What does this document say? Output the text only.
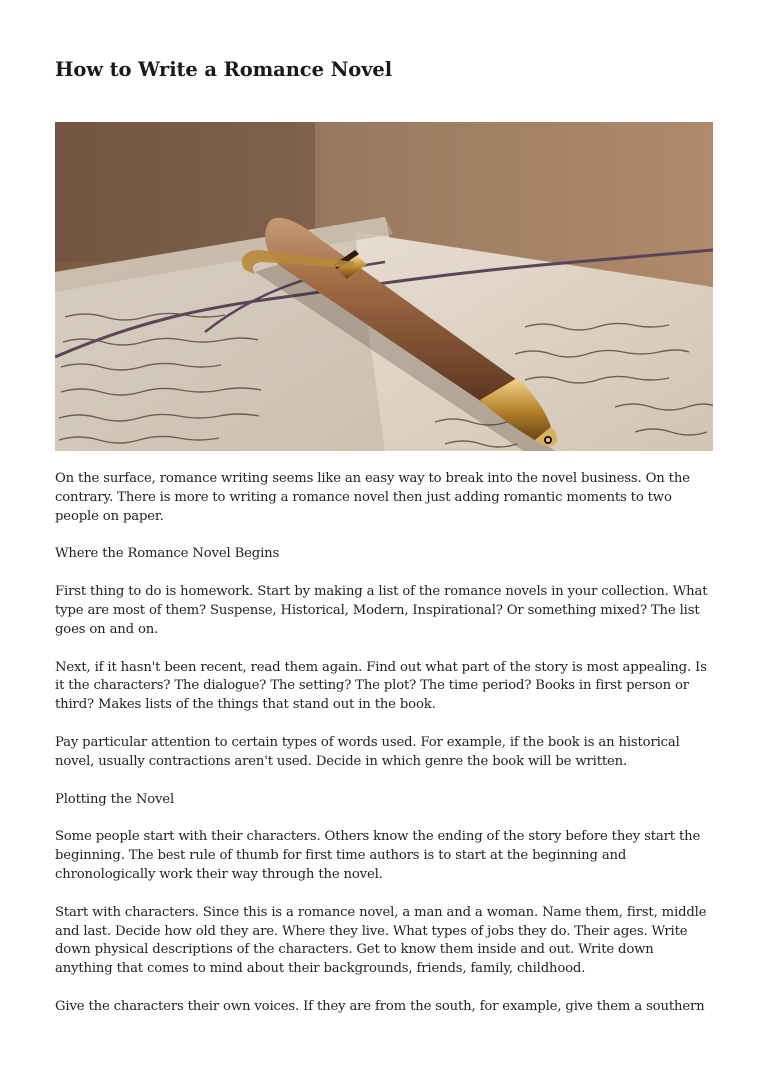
How to Write a Romance Novel

On the surface, romance writing seems like an easy way to break into the novel business. On the contrary. There is more to writing a romance novel then just adding romantic moments to two people on paper.

Where the Romance Novel Begins

First thing to do is homework. Start by making a list of the romance novels in your collection. What type are most of them? Suspense, Historical, Modern, Inspirational? Or something mixed? The list goes on and on.

Next, if it hasn't been recent, read them again. Find out what part of the story is most appealing. Is it the characters? The dialogue? The setting? The plot? The time period? Books in first person or third? Makes lists of the things that stand out in the book.

Pay particular attention to certain types of words used. For example, if the book is an historical novel, usually contractions aren't used. Decide in which genre the book will be written.

Plotting the Novel

Some people start with their characters. Others know the ending of the story before they start the beginning. The best rule of thumb for first time authors is to start at the beginning and chronologically work their way through the novel.

Start with characters. Since this is a romance novel, a man and a woman. Name them, first, middle and last. Decide how old they are. Where they live. What types of jobs they do. Their ages. Write down physical descriptions of the characters. Get to know them inside and out. Write down anything that comes to mind about their backgrounds, friends, family, childhood.

Give the characters their own voices. If they are from the south, for example, give them a southern
